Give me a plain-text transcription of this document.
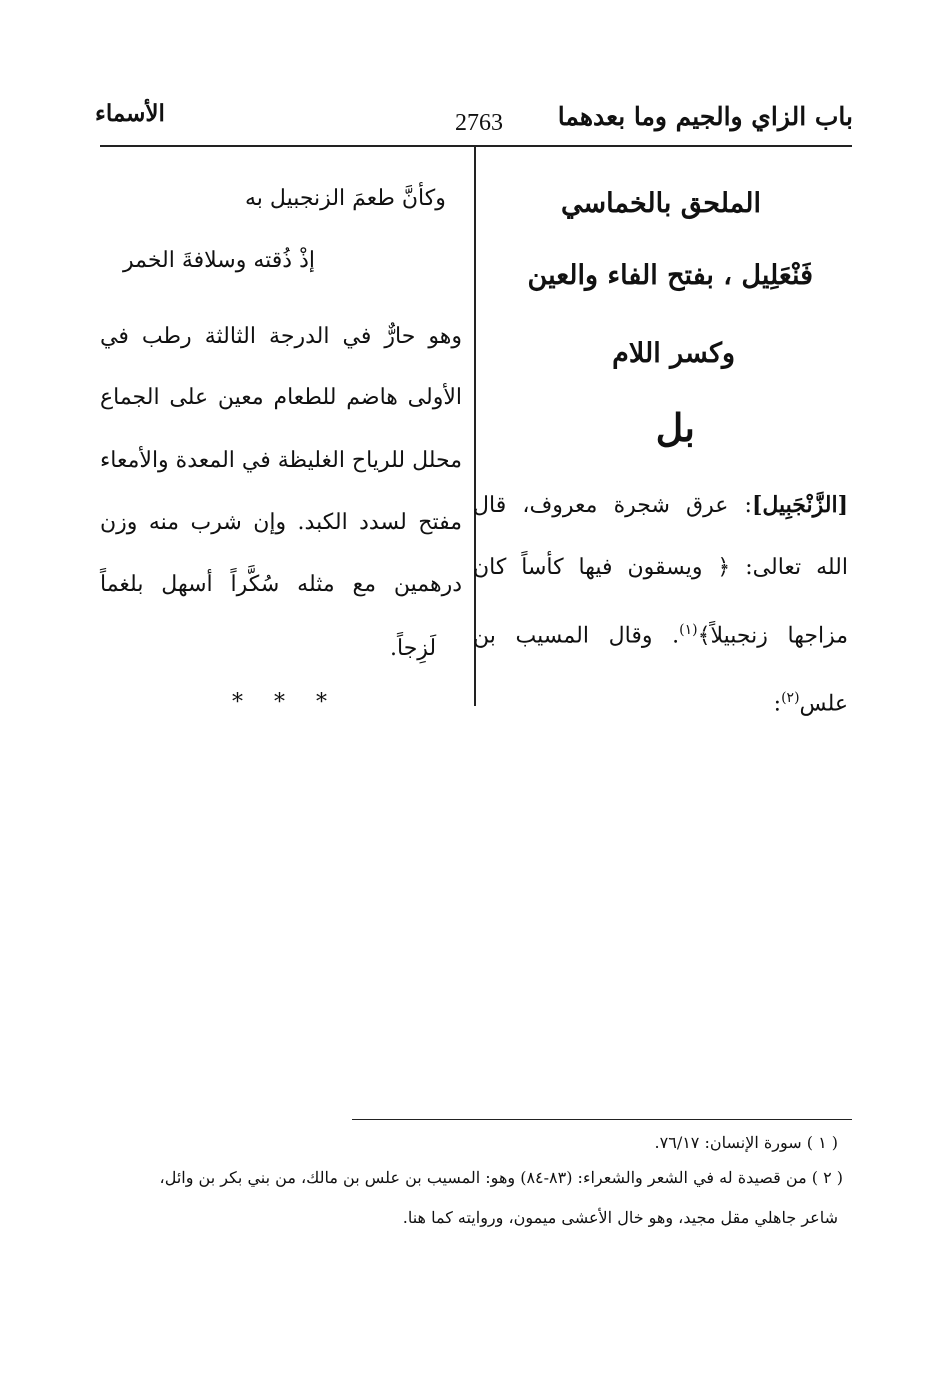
باب الزاي والجيم وما بعدهما
2763
الأسماء
الملحق بالخماسي
فَنْعَلِيل ، بفتح الفاء والعين
وكسر اللام
بل
[الزَّنْجَبِيل]: عرق شجرة معروف، قال
الله تعالى: ﴿ ويسقون فيها كأساً كان
مزاجها زنجبيلاً﴾$^{(١)}$. وقال المسيب بن
علس$^{(٢)}$:
وكأنَّ طعمَ الزنجبيل به
إذْ ذُقته وسلافةَ الخمر
وهو حارٌّ في الدرجة الثالثة رطب في
الأولى هاضم للطعام معين على الجماع
محلل للرياح الغليظة في المعدة والأمعاء
مفتح لسدد الكبد. وإن شرب منه وزن
درهمين مع مثله سُكَّراً أسهل بلغماً
لَزِجاً.
* * *
( ١ ) سورة الإنسان: ٧٦/١٧.
( ٢ ) من قصيدة له في الشعر والشعراء: (٨٣-٨٤) وهو: المسيب بن علس بن مالك، من بني بكر بن وائل،
شاعر جاهلي مقل مجيد، وهو خال الأعشى ميمون، وروايته كما هنا.
